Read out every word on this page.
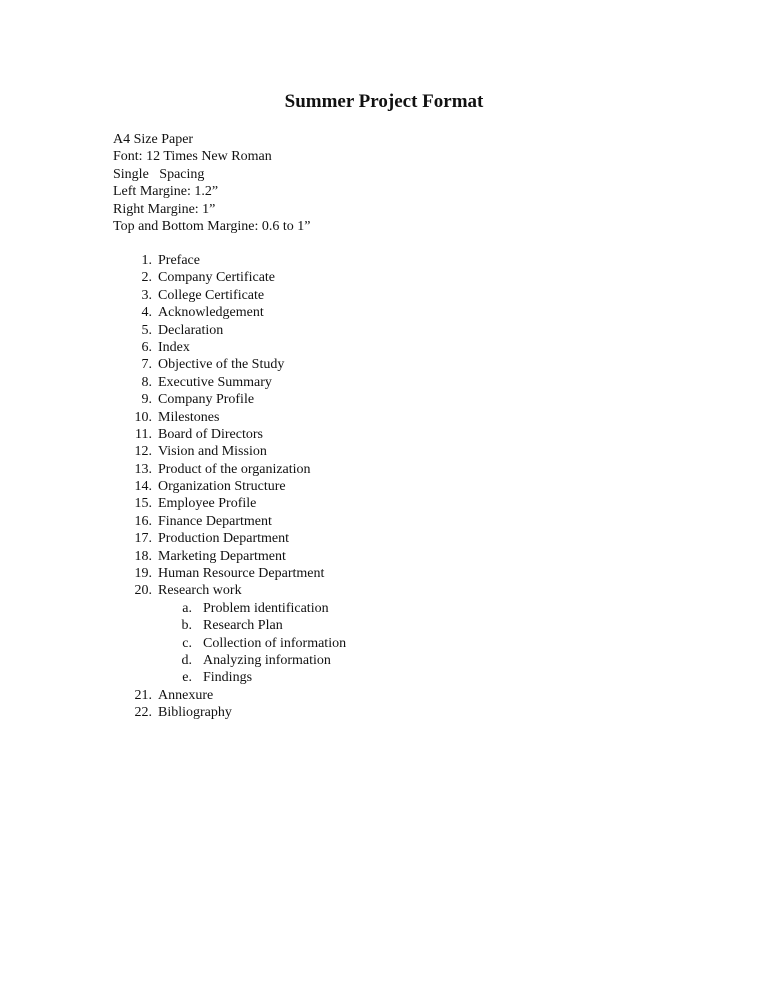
Summer Project Format
A4 Size Paper
Font: 12 Times New Roman
Single   Spacing
Left Margine: 1.2”
Right Margine: 1”
Top and Bottom Margine: 0.6 to 1”
1. Preface
2. Company Certificate
3. College Certificate
4. Acknowledgement
5. Declaration
6. Index
7. Objective of the Study
8. Executive Summary
9. Company Profile
10. Milestones
11. Board of Directors
12. Vision and Mission
13. Product of the organization
14. Organization Structure
15. Employee Profile
16. Finance Department
17. Production Department
18. Marketing Department
19. Human Resource Department
20. Research work
a. Problem identification
b. Research Plan
c. Collection of information
d. Analyzing information
e. Findings
21. Annexure
22. Bibliography
